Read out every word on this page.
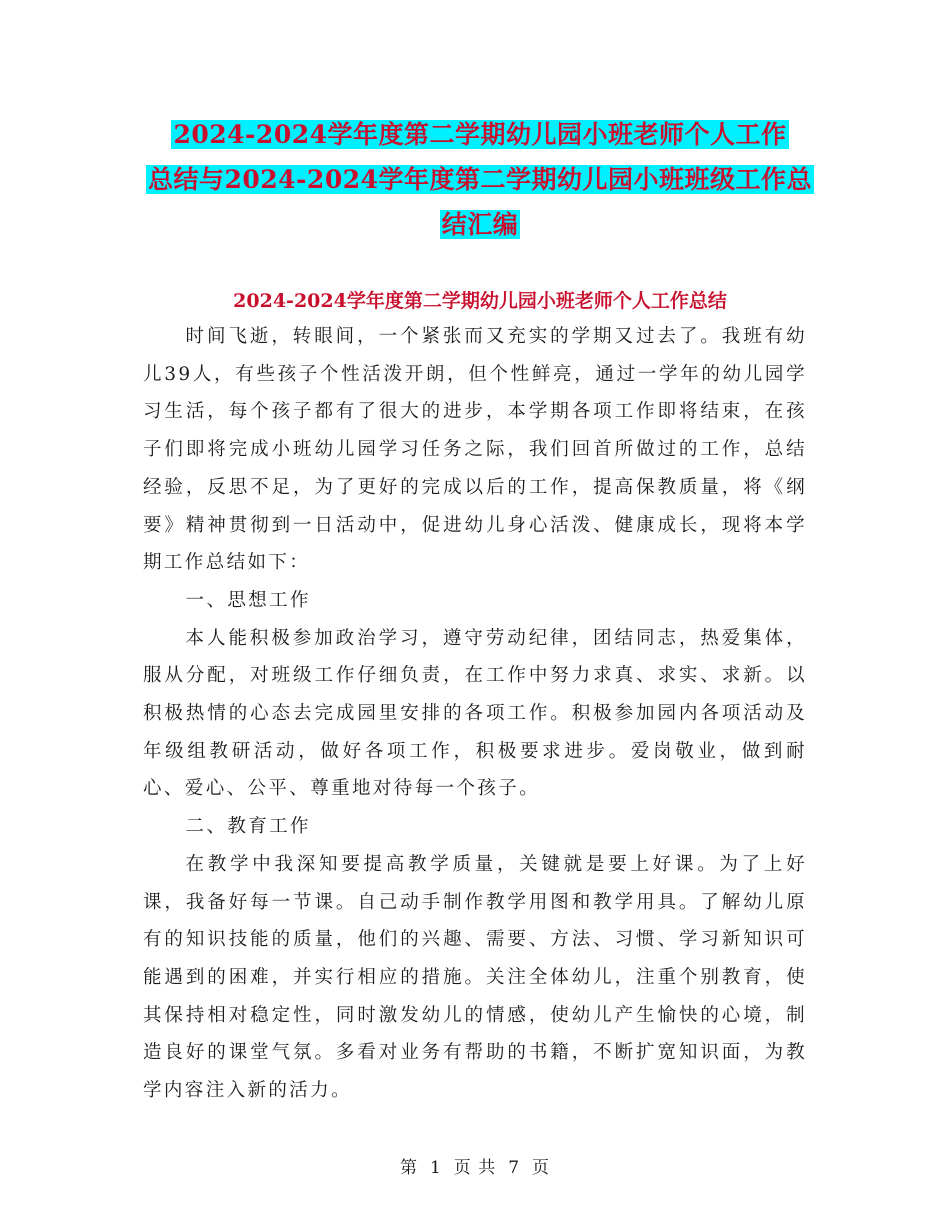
2024-2024学年度第二学期幼儿园小班老师个人工作
总结与2024-2024学年度第二学期幼儿园小班班级工作总
结汇编
2024-2024学年度第二学期幼儿园小班老师个人工作总结

时间飞逝，转眼间，一个紧张而又充实的学期又过去了。我班有幼儿39人，有些孩子个性活泼开朗，但个性鲜亮，通过一学年的幼儿园学习生活，每个孩子都有了很大的进步，本学期各项工作即将结束，在孩子们即将完成小班幼儿园学习任务之际，我们回首所做过的工作，总结经验，反思不足，为了更好的完成以后的工作，提高保教质量，将《纲要》精神贯彻到一日活动中，促进幼儿身心活泼、健康成长，现将本学期工作总结如下：

一、思想工作

本人能积极参加政治学习，遵守劳动纪律，团结同志，热爱集体，服从分配，对班级工作仔细负责，在工作中努力求真、求实、求新。以积极热情的心态去完成园里安排的各项工作。积极参加园内各项活动及年级组教研活动，做好各项工作，积极要求进步。爱岗敬业，做到耐心、爱心、公平、尊重地对待每一个孩子。

二、教育工作

在教学中我深知要提高教学质量，关键就是要上好课。为了上好课，我备好每一节课。自己动手制作教学用图和教学用具。了解幼儿原有的知识技能的质量，他们的兴趣、需要、方法、习惯、学习新知识可能遇到的困难，并实行相应的措施。关注全体幼儿，注重个别教育，使其保持相对稳定性，同时激发幼儿的情感，使幼儿产生愉快的心境，制造良好的课堂气氛。多看对业务有帮助的书籍，不断扩宽知识面，为教学内容注入新的活力。

第 1 页 共 7 页
